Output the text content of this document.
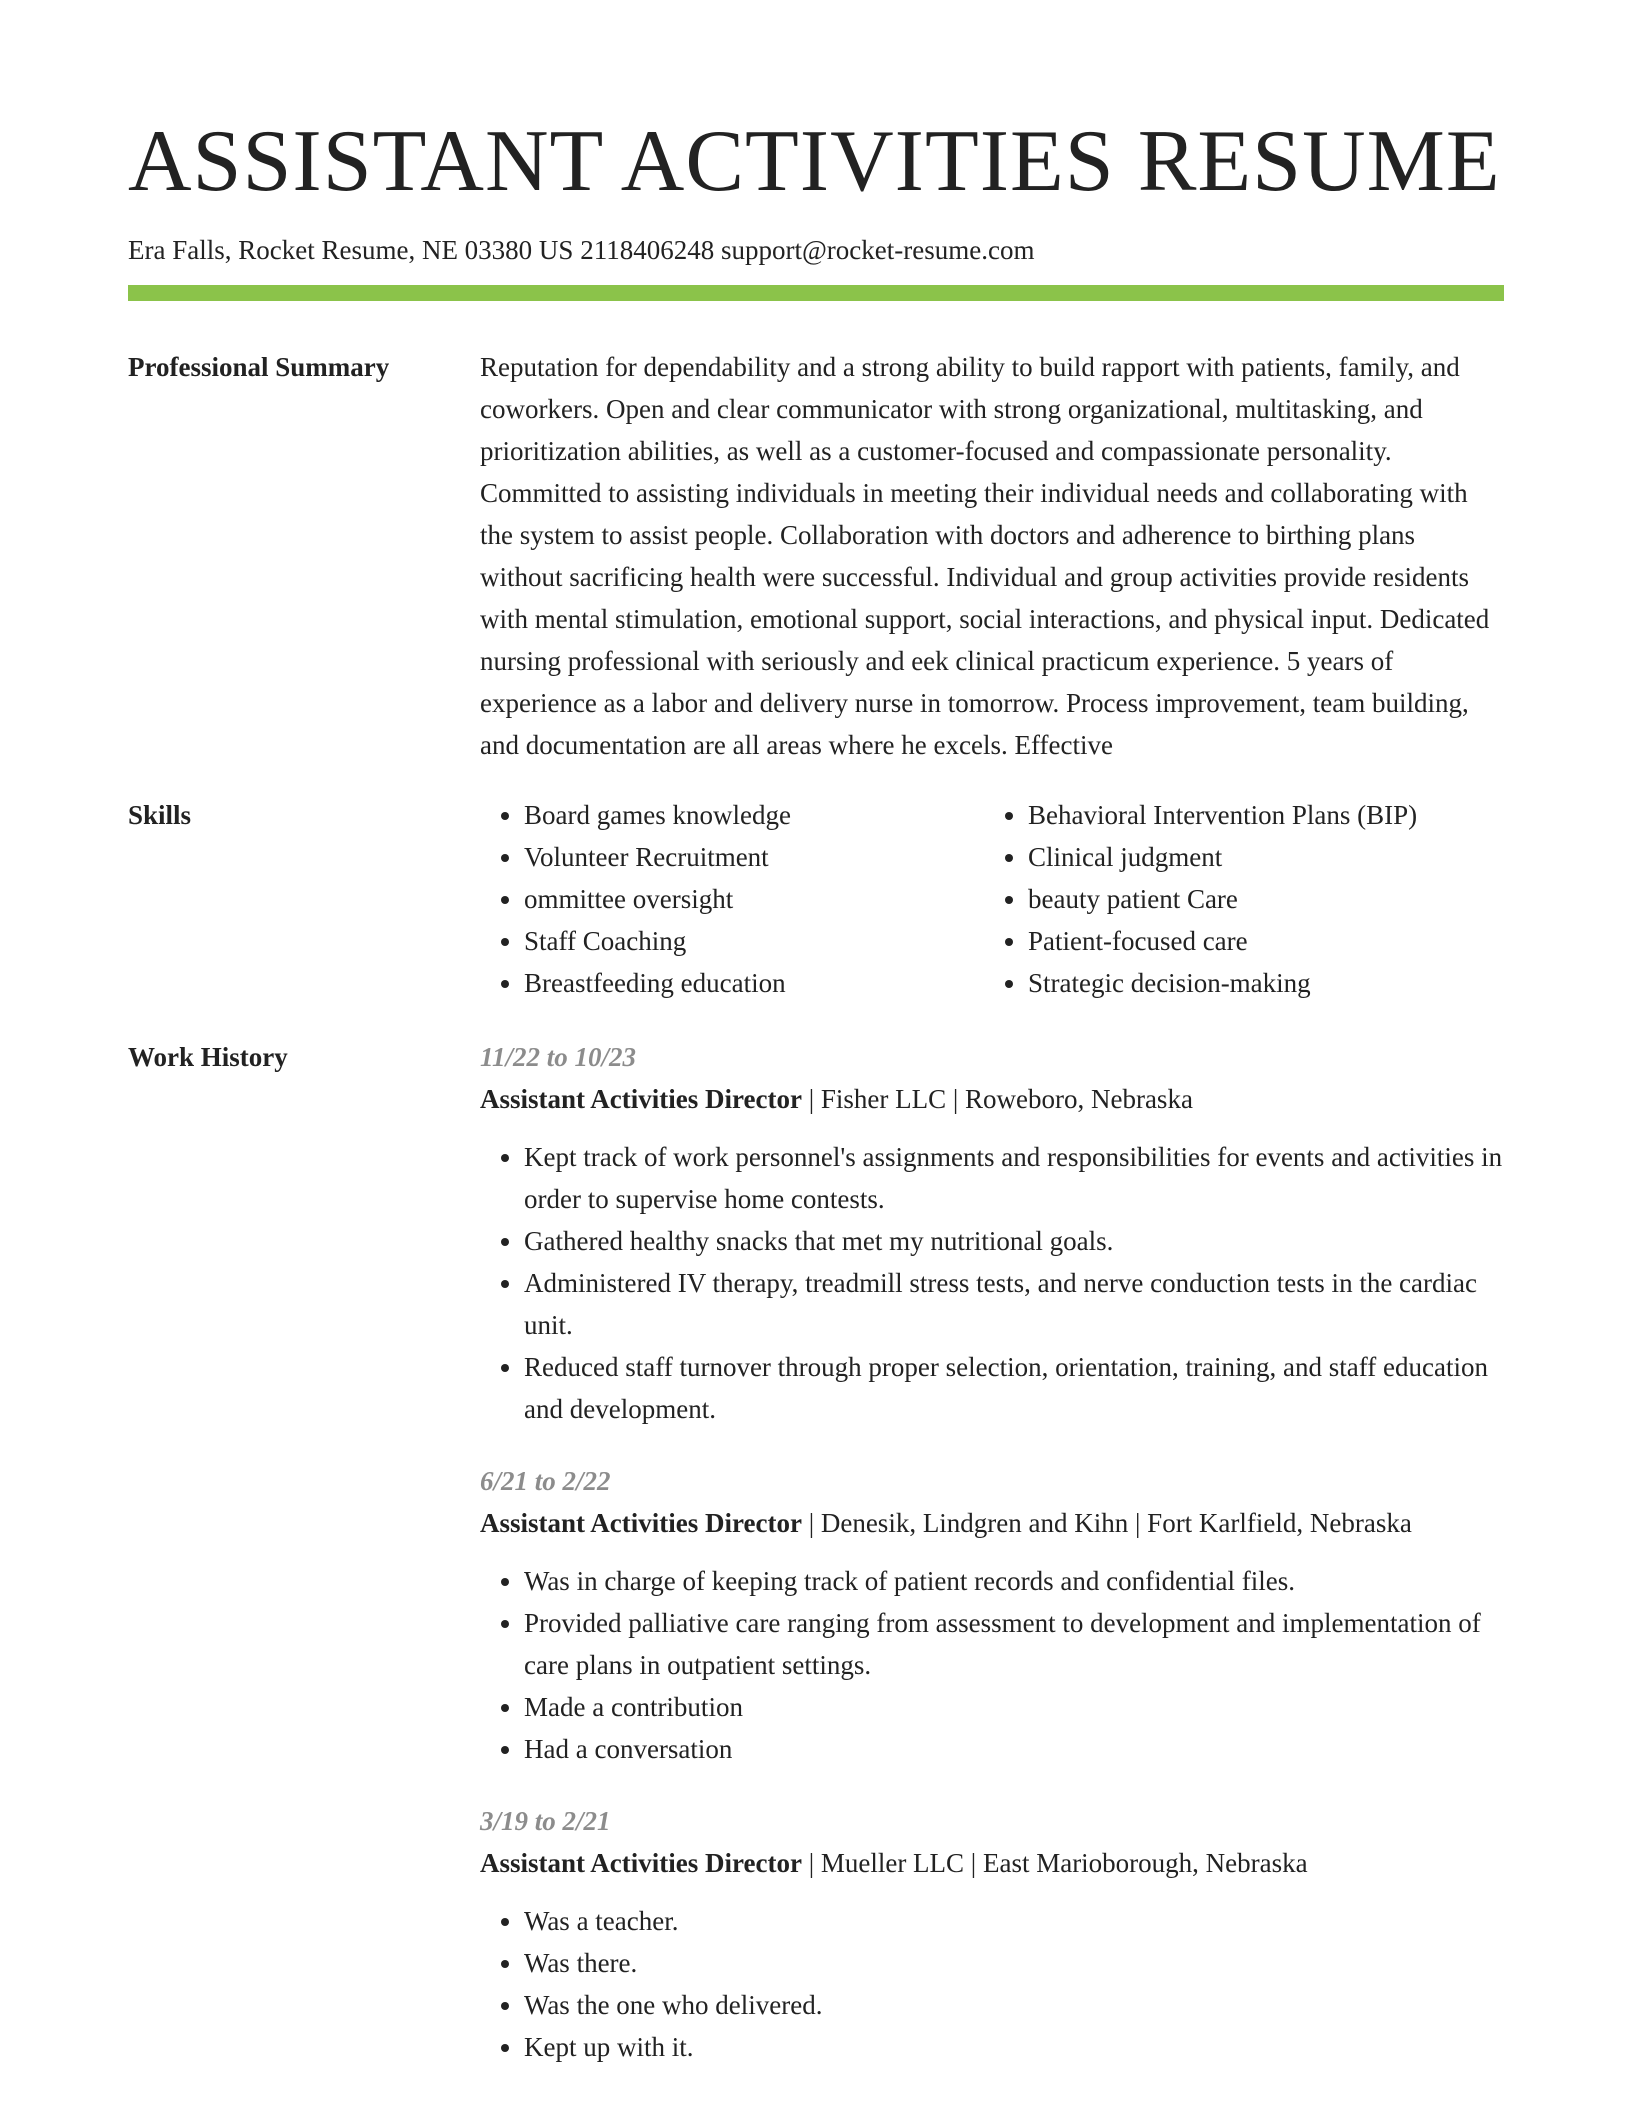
ASSISTANT ACTIVITIES RESUME
Era Falls, Rocket Resume, NE 03380 US 2118406248 support@rocket-resume.com
Professional Summary	Reputation for dependability and a strong ability to build rapport with patients, family, and coworkers. Open and clear communicator with strong organizational, multitasking, and prioritization abilities, as well as a customer-focused and compassionate personality. Committed to assisting individuals in meeting their individual needs and collaborating with the system to assist people. Collaboration with doctors and adherence to birthing plans without sacrificing health were successful. Individual and group activities provide residents with mental stimulation, emotional support, social interactions, and physical input. Dedicated nursing professional with seriously and eek clinical practicum experience. 5 years of experience as a labor and delivery nurse in tomorrow. Process improvement, team building, and documentation are all areas where he excels. Effective

Skills
•	Board games knowledge
• Volunteer Recruitment
• ommittee oversight
• Staff Coaching
• Breastfeeding education
• Behavioral Intervention Plans (BIP)
• Clinical judgment
• beauty patient Care
• Patient-focused care
• Strategic decision-making
Work History	11/22 to 10/23
Assistant Activities Director | Fisher LLC | Roweboro, Nebraska
• Kept track of work personnel's assignments and responsibilities for events and activities in order to supervise home contests.
• Gathered healthy snacks that met my nutritional goals.
• Administered IV therapy, treadmill stress tests, and nerve conduction tests in the cardiac unit.
• Reduced staff turnover through proper selection, orientation, training, and staff education and development.
6/21 to 2/22
Assistant Activities Director | Denesik, Lindgren and Kihn | Fort Karlfield, Nebraska
• Was in charge of keeping track of patient records and confidential files.
• Provided palliative care ranging from assessment to development and implementation of care plans in outpatient settings.
• Made a contribution
• Had a conversation
3/19 to 2/21
Assistant Activities Director | Mueller LLC | East Marioborough, Nebraska
• Was a teacher.
• Was there.
• Was the one who delivered.
• Kept up with it.
